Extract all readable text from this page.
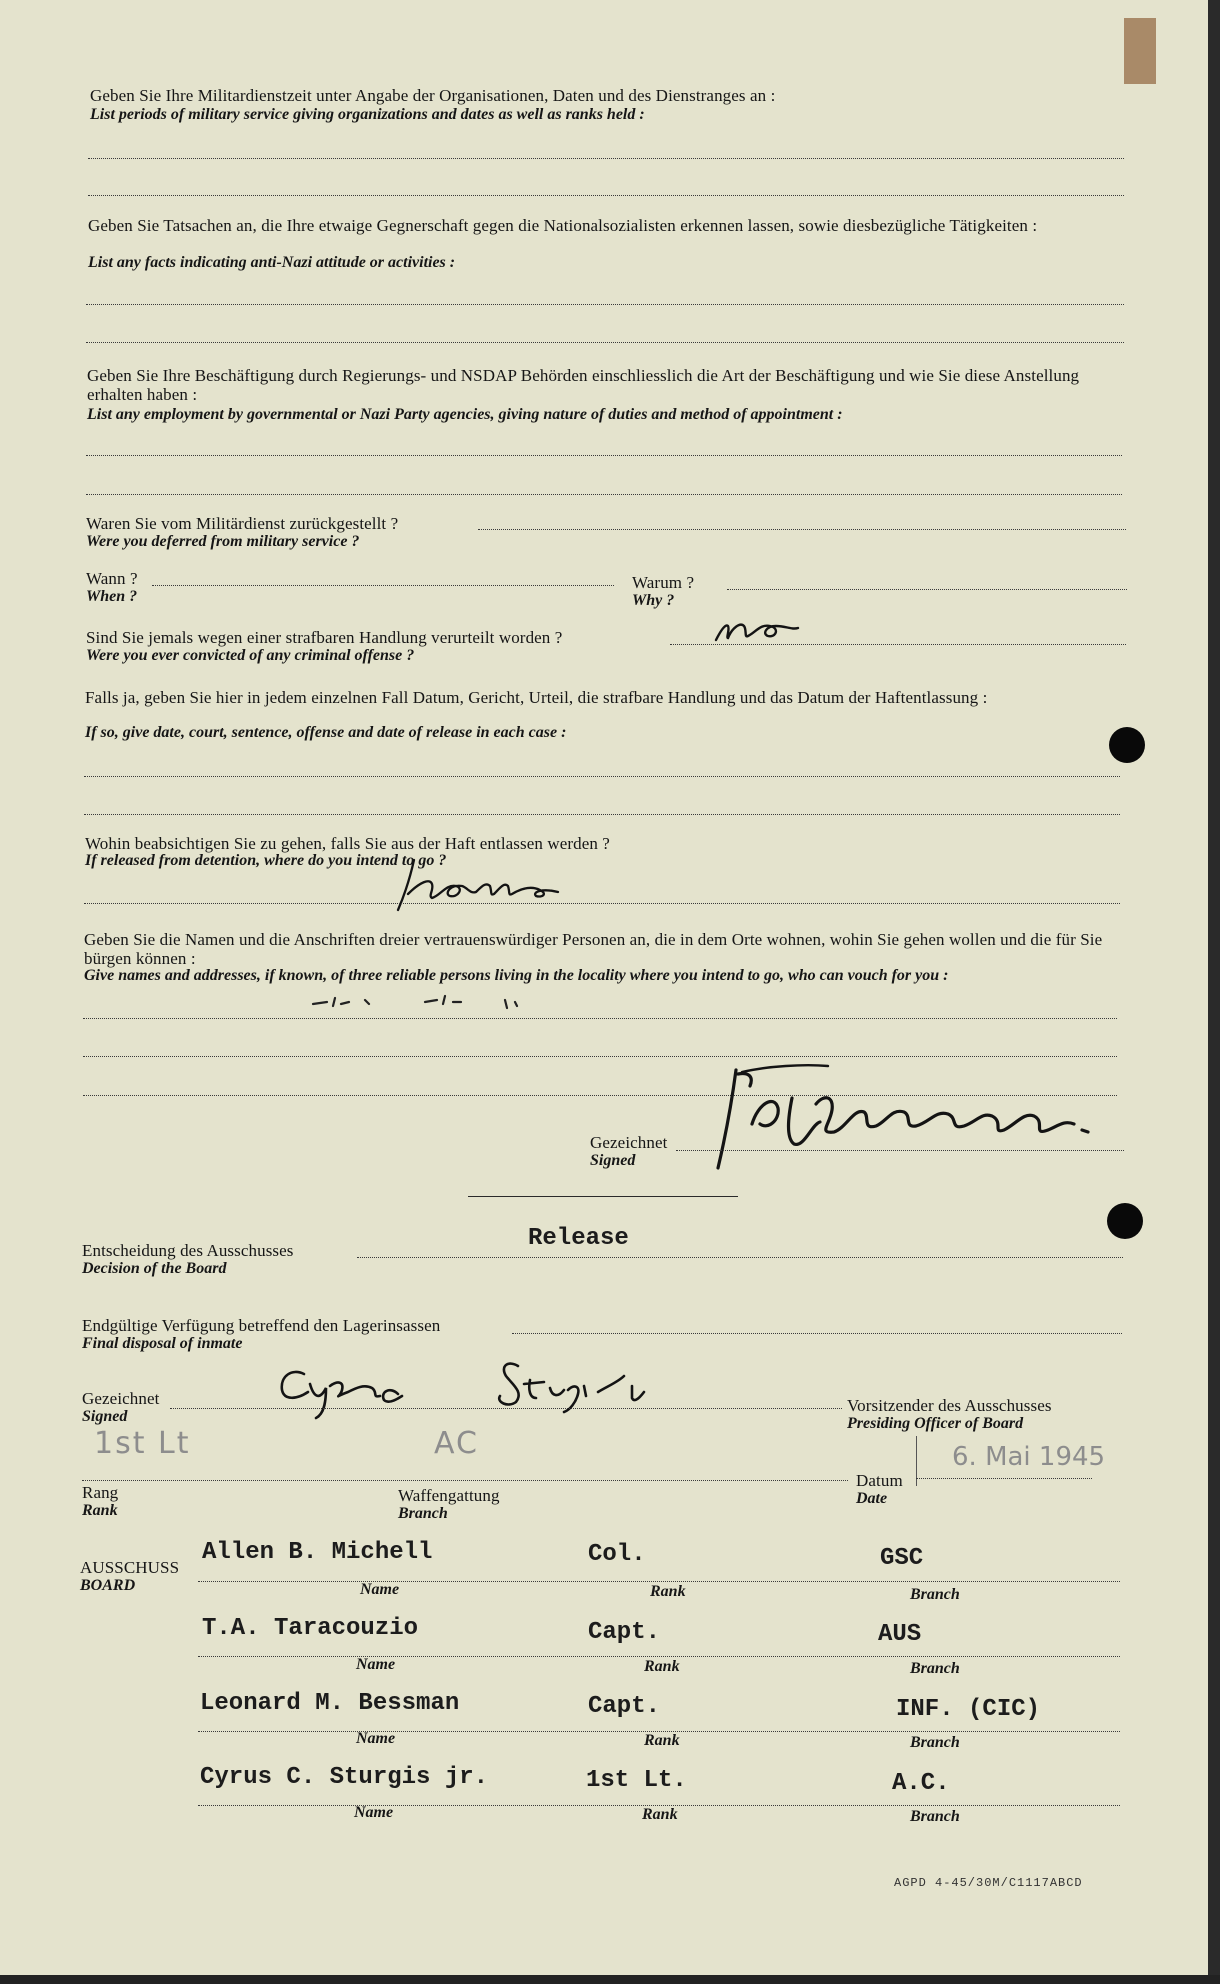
Geben Sie Ihre Militardienstzeit unter Angabe der Organisationen, Daten und des Dienstranges an :
List periods of military service giving organizations and dates as well as ranks held :
Geben Sie Tatsachen an, die Ihre etwaige Gegnerschaft gegen die Nationalsozialisten erkennen lassen, sowie diesbezügliche Tätigkeiten :
List any facts indicating anti-Nazi attitude or activities :
Geben Sie Ihre Beschäftigung durch Regierungs- und NSDAP Behörden einschliesslich die Art der Beschäftigung und wie Sie diese Anstellung erhalten haben :
List any employment by governmental or Nazi Party agencies, giving nature of duties and method of appointment :
Waren Sie vom Militärdienst zurückgestellt ?
Were you deferred from military service ?
Wann ?
When ?
Warum ?
Why ?
Sind Sie jemals wegen einer strafbaren Handlung verurteilt worden ?
Were you ever convicted of any criminal offense ?
Falls ja, geben Sie hier in jedem einzelnen Fall Datum, Gericht, Urteil, die strafbare Handlung und das Datum der Haftentlassung :
If so, give date, court, sentence, offense and date of release in each case :
Wohin beabsichtigen Sie zu gehen, falls Sie aus der Haft entlassen werden ?
If released from detention, where do you intend to go ?
Geben Sie die Namen und die Anschriften dreier vertrauenswürdiger Personen an, die in dem Orte wohnen, wohin Sie gehen wollen und die für Sie bürgen können :
Give names and addresses, if known, of three reliable persons living in the locality where you intend to go, who can vouch for you :
Gezeichnet
Signed
Release
Entscheidung des Ausschusses
Decision of the Board
Endgültige Verfügung betreffend den Lagerinsassen
Final disposal of inmate
Gezeichnet
Signed
Vorsitzender des Ausschusses
Presiding Officer of Board
1st Lt	AC	6. Mai 1945
Rang
Rank
Waffengattung
Branch
Datum
Date
AUSSCHUSS
BOARD
Allen B. Michell	Col.	GSC
Name	Rank	Branch
T.A. Taracouzio	Capt.	AUS
Name	Rank	Branch
Leonard M. Bessman	Capt.	INF. (CIC)
Name	Rank	Branch
Cyrus C. Sturgis jr.	1st Lt.	A.C.
Name	Rank	Branch
AGPD 4-45/30M/C1117ABCD
